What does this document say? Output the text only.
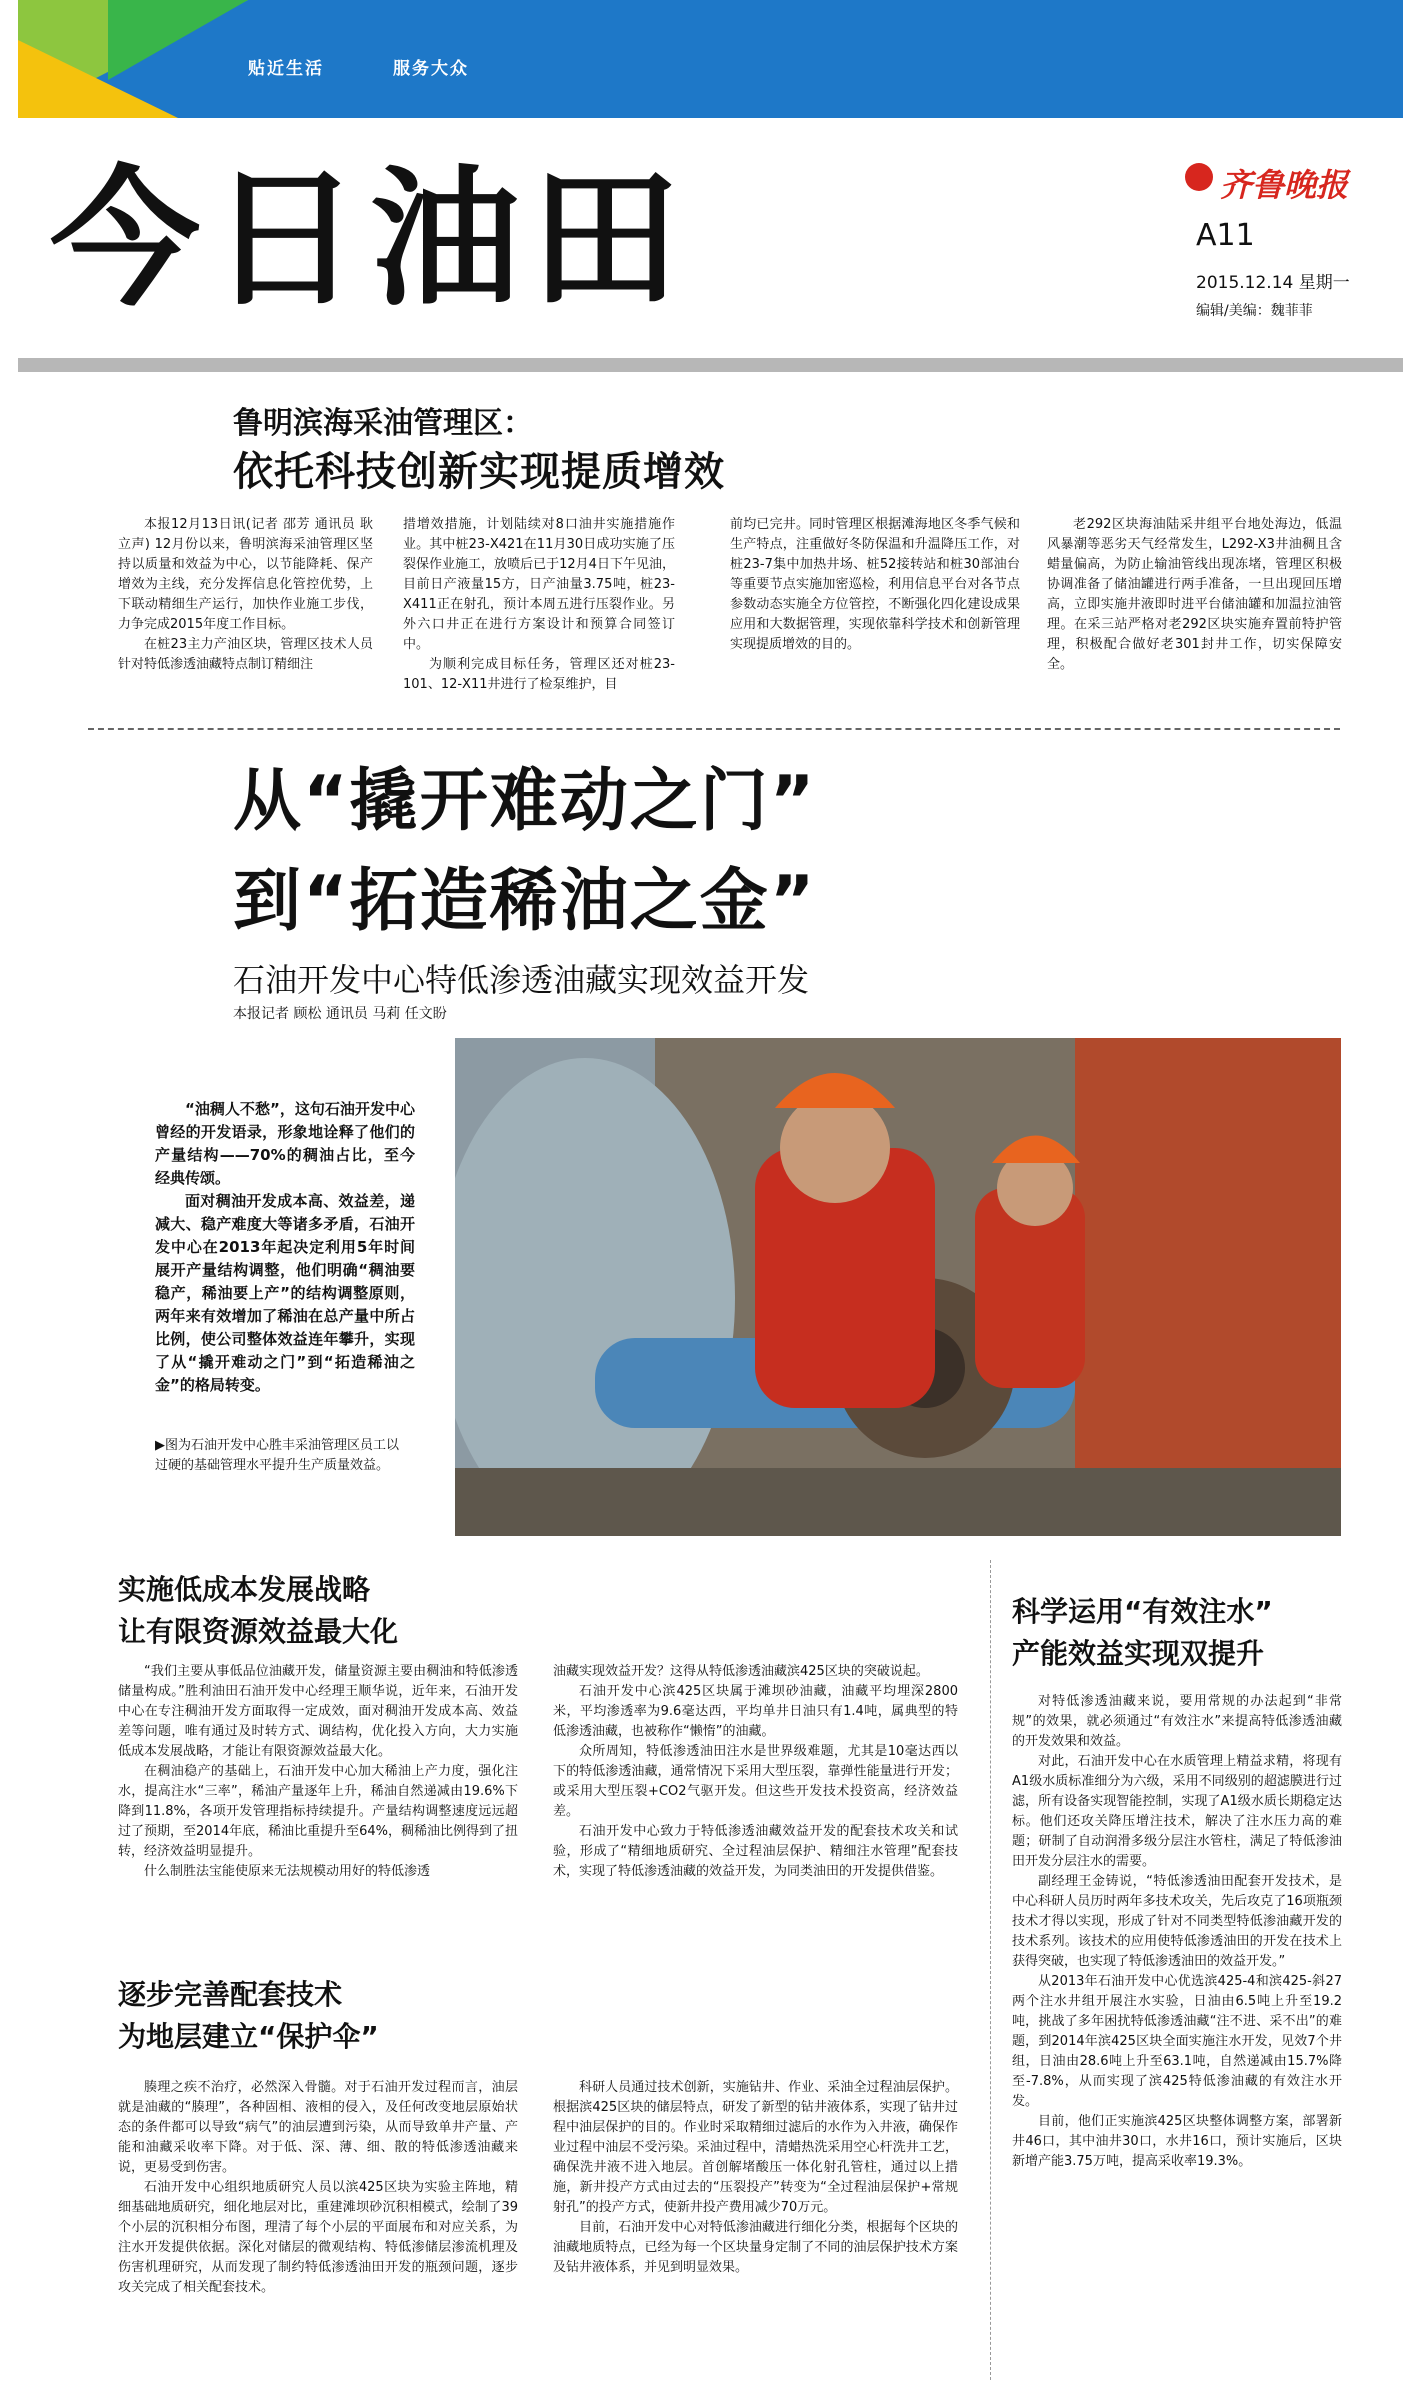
贴近生活	服务大众
今日油田	齐鲁晚报
A11
2015.12.14 星期一
编辑/美编：魏菲菲
鲁明滨海采油管理区：
依托科技创新实现提质增效

本报12月13日讯(记者 邵芳 通讯员 耿立声) 12月份以来，鲁明滨海采油管理区坚持以质量和效益为中心，以节能降耗、保产增效为主线，充分发挥信息化管控优势，上下联动精细生产运行，加快作业施工步伐，力争完成2015年度工作目标。

在桩23主力产油区块，管理区技术人员针对特低渗透油藏特点制订精细注

措增效措施，计划陆续对8口油井实施措施作业。其中桩23-X421在11月30日成功实施了压裂保作业施工，放喷后已于12月4日下午见油，目前日产液量15方，日产油量3.75吨，桩23-X411正在射孔，预计本周五进行压裂作业。另外六口井正在进行方案设计和预算合同签订中。

为顺利完成目标任务，管理区还对桩23-101、12-X11井进行了检泵维护，目

前均已完井。同时管理区根据滩海地区冬季气候和生产特点，注重做好冬防保温和升温降压工作，对桩23-7集中加热井场、桩52接转站和桩30部油台等重要节点实施加密巡检，利用信息平台对各节点参数动态实施全方位管控，不断强化四化建设成果应用和大数据管理，实现依靠科学技术和创新管理实现提质增效的目的。

老292区块海油陆采井组平台地处海边，低温风暴潮等恶劣天气经常发生，L292-X3井油稠且含蜡量偏高，为防止输油管线出现冻堵，管理区积极协调准备了储油罐进行两手准备，一旦出现回压增高，立即实施井液即时进平台储油罐和加温拉油管理。在采三站严格对老292区块实施弃置前特护管理，积极配合做好老301封井工作，切实保障安全。

从“撬开难动之门”
到“拓造稀油之金”
石油开发中心特低渗透油藏实现效益开发
本报记者 顾松 通讯员 马莉 任文盼

“油稠人不愁”，这句石油开发中心曾经的开发语录，形象地诠释了他们的产量结构——70%的稠油占比，至今经典传颂。

面对稠油开发成本高、效益差，递减大、稳产难度大等诸多矛盾，石油开发中心在2013年起决定利用5年时间展开产量结构调整，他们明确“稠油要稳产，稀油要上产”的结构调整原则，两年来有效增加了稀油在总产量中所占比例，使公司整体效益连年攀升，实现了从“撬开难动之门”到“拓造稀油之金”的格局转变。

▶图为石油开发中心胜丰采油管理区员工以过硬的基础管理水平提升生产质量效益。
实施低成本发展战略
让有限资源效益最大化

“我们主要从事低品位油藏开发，储量资源主要由稠油和特低渗透储量构成。”胜利油田石油开发中心经理王顺华说，近年来，石油开发中心在专注稠油开发方面取得一定成效，面对稠油开发成本高、效益差等问题，唯有通过及时转方式、调结构，优化投入方向，大力实施低成本发展战略，才能让有限资源效益最大化。

在稠油稳产的基础上，石油开发中心加大稀油上产力度，强化注水，提高注水“三率”，稀油产量逐年上升，稀油自然递减由19.6%下降到11.8%，各项开发管理指标持续提升。产量结构调整速度远远超过了预期，至2014年底，稀油比重提升至64%，稠稀油比例得到了扭转，经济效益明显提升。

什么制胜法宝能使原来无法规模动用好的特低渗透

油藏实现效益开发？这得从特低渗透油藏滨425区块的突破说起。

石油开发中心滨425区块属于滩坝砂油藏，油藏平均埋深2800米，平均渗透率为9.6毫达西，平均单井日油只有1.4吨，属典型的特低渗透油藏，也被称作“懒惰”的油藏。

众所周知，特低渗透油田注水是世界级难题，尤其是10毫达西以下的特低渗透油藏，通常情况下采用大型压裂，靠弹性能量进行开发；或采用大型压裂+CO2气驱开发。但这些开发技术投资高，经济效益差。

石油开发中心致力于特低渗透油藏效益开发的配套技术攻关和试验，形成了“精细地质研究、全过程油层保护、精细注水管理”配套技术，实现了特低渗透油藏的效益开发，为同类油田的开发提供借鉴。

逐步完善配套技术
为地层建立“保护伞”

腠理之疾不治疗，必然深入骨髓。对于石油开发过程而言，油层就是油藏的“腠理”，各种固相、液相的侵入，及任何改变地层原始状态的条件都可以导致“病气”的油层遭到污染，从而导致单井产量、产能和油藏采收率下降。对于低、深、薄、细、散的特低渗透油藏来说，更易受到伤害。

石油开发中心组织地质研究人员以滨425区块为实验主阵地，精细基础地质研究，细化地层对比，重建滩坝砂沉积相模式，绘制了39个小层的沉积相分布图，理清了每个小层的平面展布和对应关系，为注水开发提供依据。深化对储层的微观结构、特低渗储层渗流机理及伤害机理研究，从而发现了制约特低渗透油田开发的瓶颈问题，逐步攻关完成了相关配套技术。

科研人员通过技术创新，实施钻井、作业、采油全过程油层保护。根据滨425区块的储层特点，研发了新型的钻井液体系，实现了钻井过程中油层保护的目的。作业时采取精细过滤后的水作为入井液，确保作业过程中油层不受污染。采油过程中，清蜡热洗采用空心杆洗井工艺，确保洗井液不进入地层。首创解堵酸压一体化射孔管柱，通过以上措施，新井投产方式由过去的“压裂投产”转变为“全过程油层保护+常规射孔”的投产方式，使新井投产费用减少70万元。

目前，石油开发中心对特低渗油藏进行细化分类，根据每个区块的油藏地质特点，已经为每一个区块量身定制了不同的油层保护技术方案及钻井液体系，并见到明显效果。

科学运用“有效注水”
产能效益实现双提升

对特低渗透油藏来说，要用常规的办法起到“非常规”的效果，就必须通过“有效注水”来提高特低渗透油藏的开发效果和效益。

对此，石油开发中心在水质管理上精益求精，将现有A1级水质标准细分为六级，采用不同级别的超滤膜进行过滤，所有设备实现智能控制，实现了A1级水质长期稳定达标。他们还攻关降压增注技术，解决了注水压力高的难题；研制了自动润滑多级分层注水管柱，满足了特低渗油田开发分层注水的需要。

副经理王金铸说，“特低渗透油田配套开发技术，是中心科研人员历时两年多技术攻关，先后攻克了16项瓶颈技术才得以实现，形成了针对不同类型特低渗油藏开发的技术系列。该技术的应用使特低渗透油田的开发在技术上获得突破，也实现了特低渗透油田的效益开发。”

从2013年石油开发中心优选滨425-4和滨425-斜27两个注水井组开展注水实验，日油由6.5吨上升至19.2吨，挑战了多年困扰特低渗透油藏“注不进、采不出”的难题，到2014年滨425区块全面实施注水开发，见效7个井组，日油由28.6吨上升至63.1吨，自然递减由15.7%降至-7.8%，从而实现了滨425特低渗油藏的有效注水开发。

目前，他们正实施滨425区块整体调整方案，部署新井46口，其中油井30口，水井16口，预计实施后，区块新增产能3.75万吨，提高采收率19.3%。
